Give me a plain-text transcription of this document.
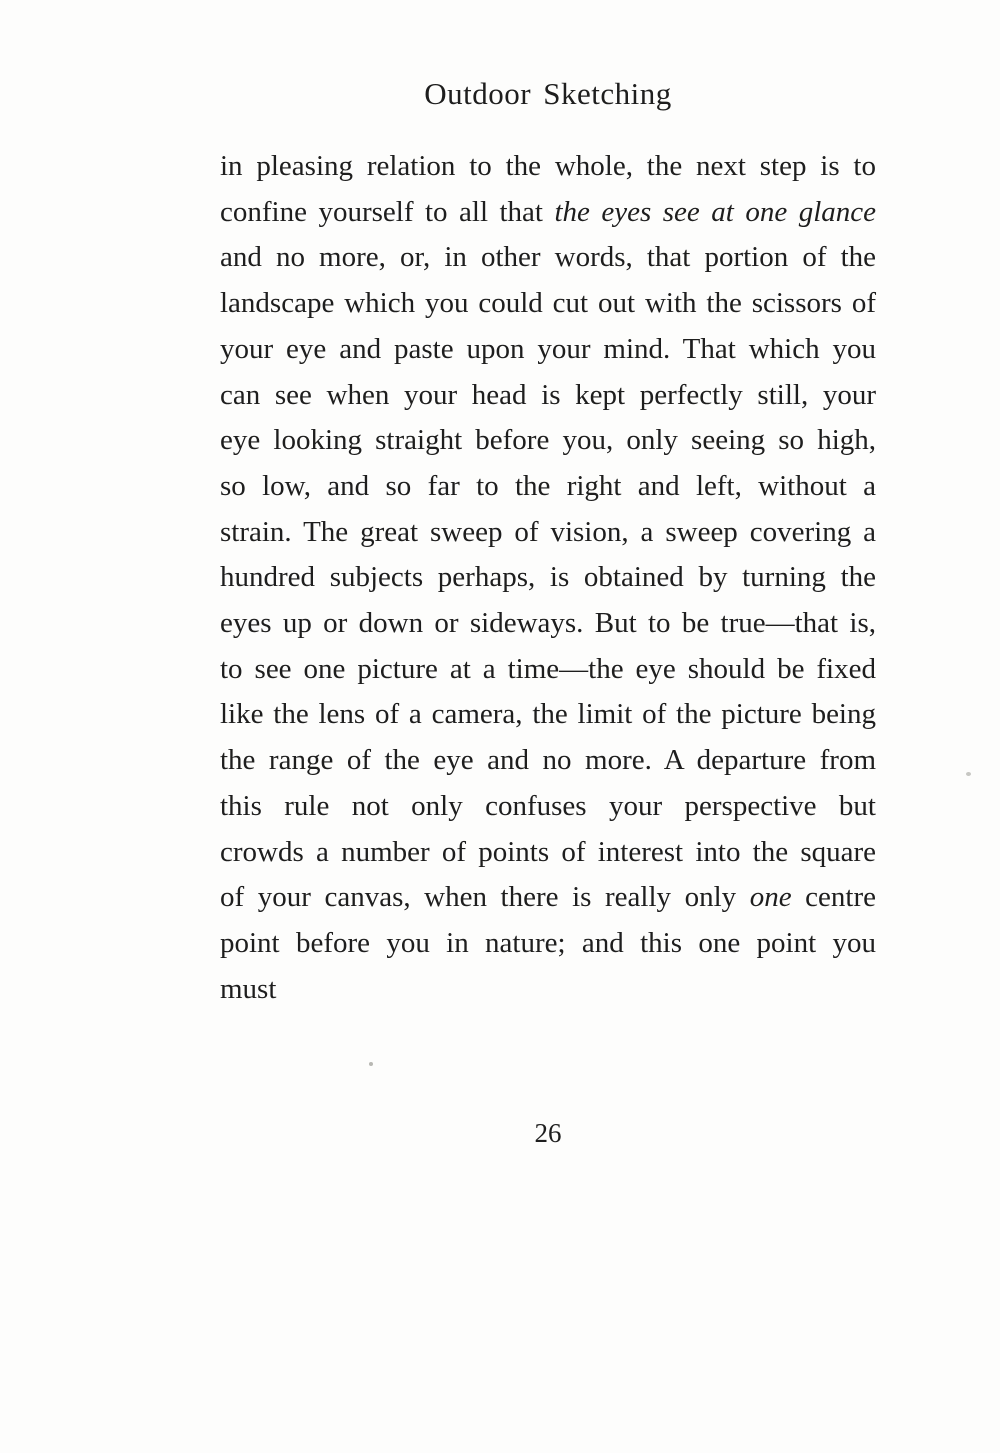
Outdoor Sketching

in pleasing relation to the whole, the next step is to confine yourself to all that the eyes see at one glance and no more, or, in other words, that portion of the landscape which you could cut out with the scissors of your eye and paste upon your mind. That which you can see when your head is kept perfectly still, your eye looking straight before you, only seeing so high, so low, and so far to the right and left, without a strain. The great sweep of vision, a sweep covering a hundred subjects perhaps, is obtained by turning the eyes up or down or sideways. But to be true—that is, to see one picture at a time—the eye should be fixed like the lens of a camera, the limit of the picture being the range of the eye and no more. A departure from this rule not only confuses your perspective but crowds a number of points of interest into the square of your canvas, when there is really only one centre point before you in nature; and this one point you must

26
